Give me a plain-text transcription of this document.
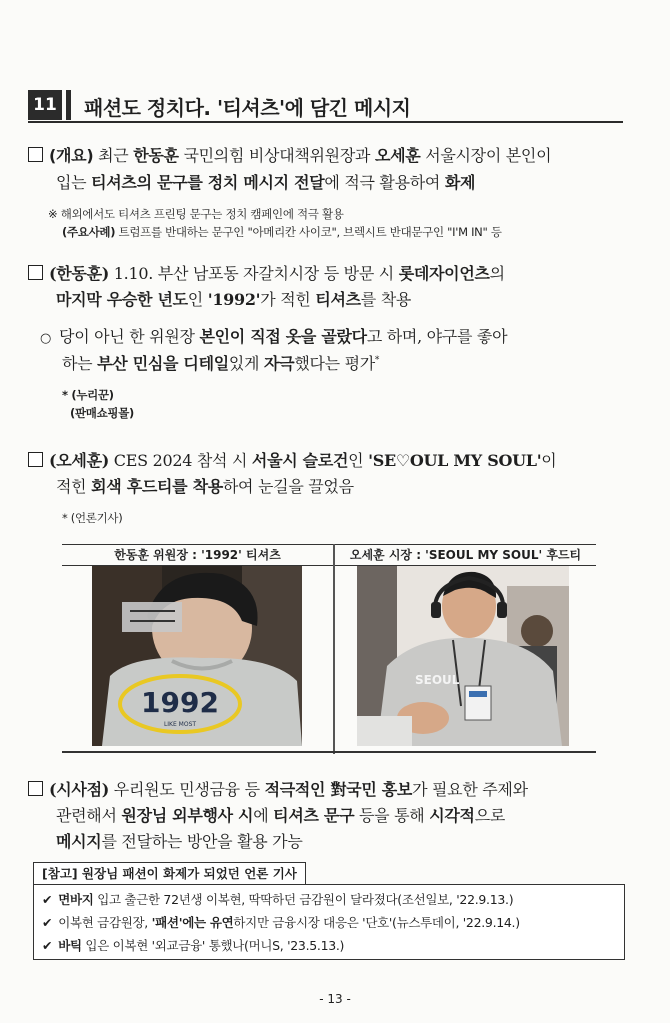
11 패션도 정치다. '티셔츠'에 담긴 메시지
(개요) 최근 한동훈 국민의힘 비상대책위원장과 오세훈 서울시장이 본인이
입는 티셔츠의 문구를 정치 메시지 전달에 적극 활용하여 화제
※ 해외에서도 티셔츠 프린팅 문구는 정치 캠페인에 적극 활용
(주요사례) 트럼프를 반대하는 문구인 "아메리칸 사이코", 브렉시트 반대문구인 "I'M IN" 등
(한동훈) 1.10. 부산 남포동 자갈치시장 등 방문 시 롯데자이언츠의
마지막 우승한 년도인 '1992'가 적힌 티셔츠를 착용
○ 당이 아닌 한 위원장 본인이 직접 옷을 골랐다고 하며, 야구를 좋아
하는 부산 민심을 디테일있게 자극했다는 평가*
* (누리꾼)
(판매쇼핑몰)
(오세훈) CES 2024 참석 시 서울시 슬로건인 'SE♡OUL MY SOUL'이
적힌 회색 후드티를 착용하여 눈길을 끌었음
* (언론기사)
한동훈 위원장 : '1992' 티셔츠	오세훈 시장 : 'SEOUL MY SOUL' 후드티
1992
LIKE MOST
SEOUL
(시사점) 우리원도 민생금융 등 적극적인 對국민 홍보가 필요한 주제와
관련해서 원장님 외부행사 시에 티셔츠 문구 등을 통해 시각적으로
메시지를 전달하는 방안을 활용 가능
[참고] 원장님 패션이 화제가 되었던 언론 기사
✔ 면바지 입고 출근한 72년생 이복현, 딱딱하던 금감원이 달라졌다(조선일보, '22.9.13.)
✔ 이복현 금감원장, '패션'에는 유연하지만 금융시장 대응은 '단호'(뉴스투데이, '22.9.14.)
✔ 바틱 입은 이복현 '외교금융' 통했나(머니S, '23.5.13.)
- 13 -
